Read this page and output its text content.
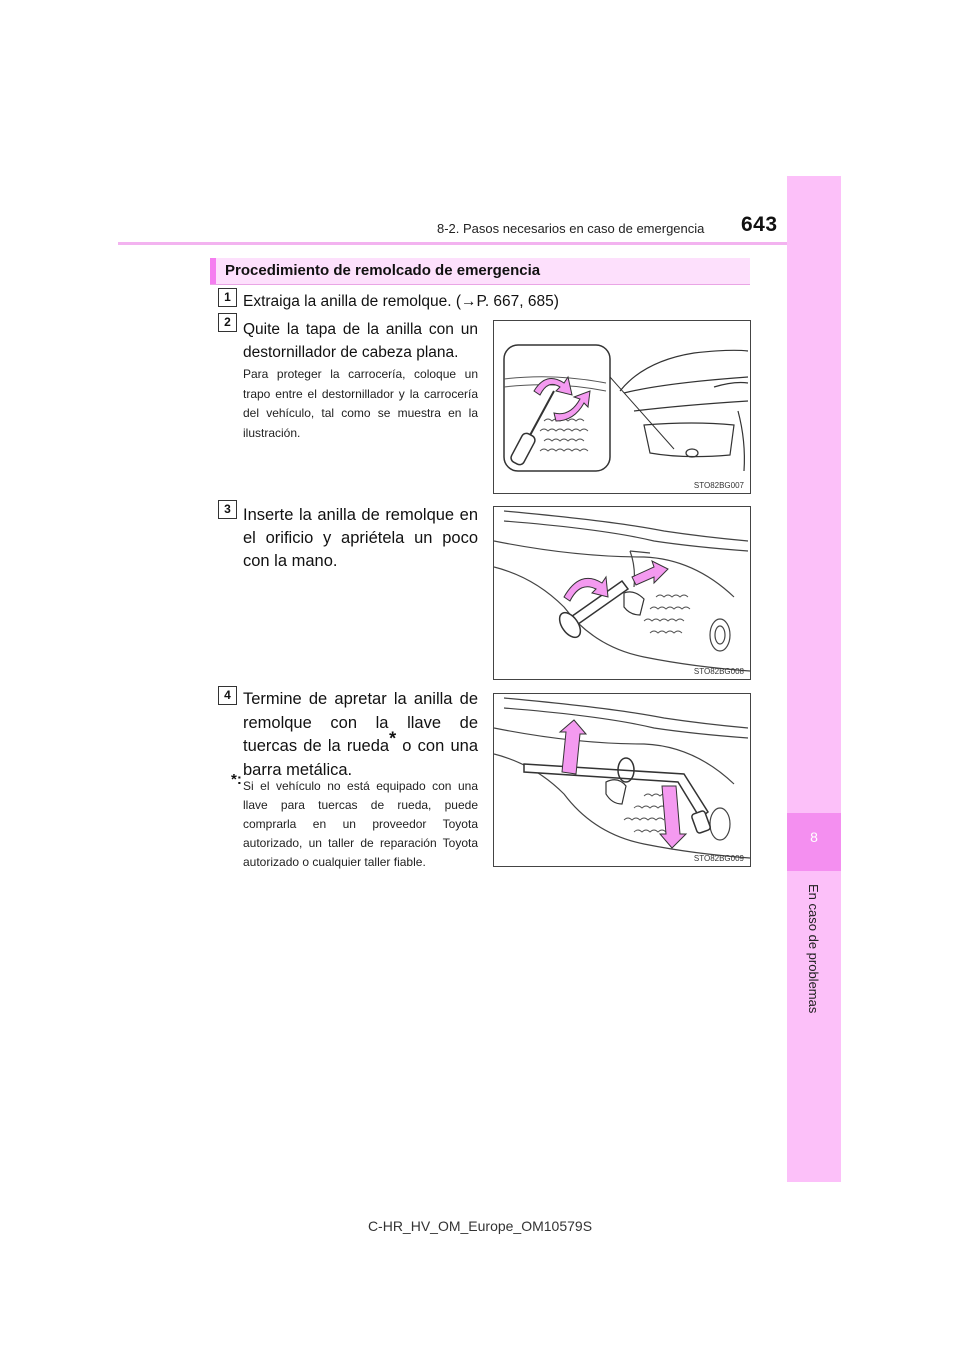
8-2. Pasos necesarios en caso de emergencia 643
8
En caso de problemas
Procedimiento de remolcado de emergencia
1 Extraiga la anilla de remolque. (→P. 667, 685)
2 Quite la tapa de la anilla con un destornillador de cabeza plana.
Para proteger la carrocería, coloque un trapo entre el destornillador y la carrocería del vehículo, tal como se muestra en la ilustración.
STO82BG007
3 Inserte la anilla de remolque en el orificio y apriétela un poco con la mano.
STO82BG008
4 Termine de apretar la anilla de remolque con la llave de tuercas de la rueda* o con una barra metálica.
*: Si el vehículo no está equipado con una llave para tuercas de rueda, puede comprarla en un proveedor Toyota autorizado, un taller de reparación Toyota autorizado o cualquier taller fiable.	STO82BG009
C-HR_HV_OM_Europe_OM10579S
